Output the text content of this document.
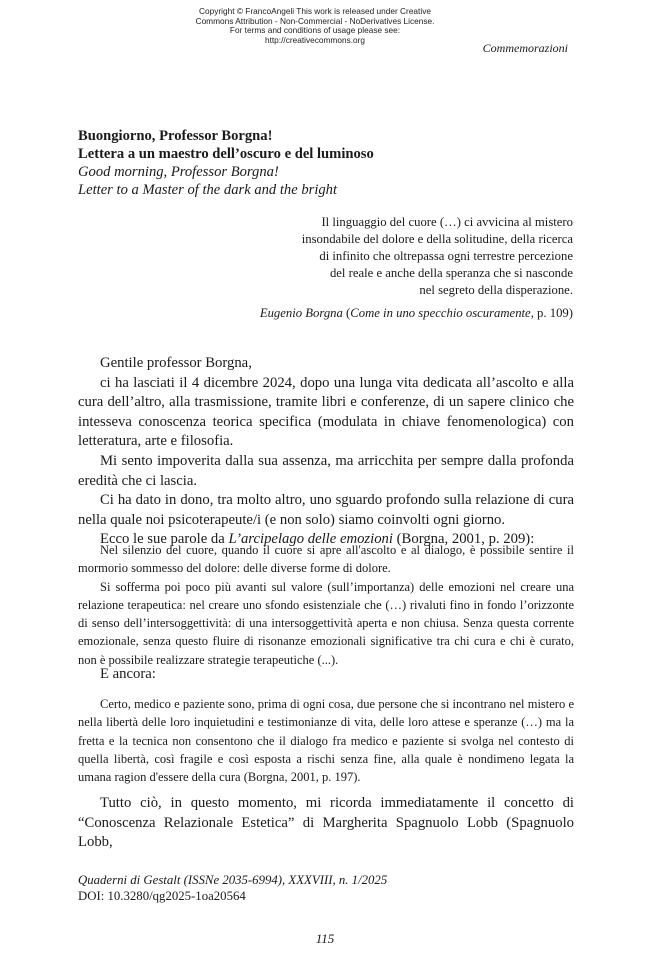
Copyright © FrancoAngeli This work is released under Creative
Commons Attribution - Non-Commercial - NoDerivatives License.
For terms and conditions of usage please see:
http://creativecommons.org
Commemorazioni
Buongiorno, Professor Borgna!
Lettera a un maestro dell’oscuro e del luminoso
Good morning, Professor Borgna!
Letter to a Master of the dark and the bright
Il linguaggio del cuore (…) ci avvicina al mistero
insondabile del dolore e della solitudine, della ricerca
di infinito che oltrepassa ogni terrestre percezione
del reale e anche della speranza che si nasconde
nel segreto della disperazione.
Eugenio Borgna (Come in uno specchio oscuramente, p. 109)

Gentile professor Borgna,

ci ha lasciati il 4 dicembre 2024, dopo una lunga vita dedicata all’ascolto e alla cura dell’altro, alla trasmissione, tramite libri e conferenze, di un sapere clinico che intesseva conoscenza teorica specifica (modulata in chiave fenomenologica) con letteratura, arte e filosofia.

Mi sento impoverita dalla sua assenza, ma arricchita per sempre dalla profonda eredità che ci lascia.

Ci ha dato in dono, tra molto altro, uno sguardo profondo sulla relazione di cura nella quale noi psicoterapeute/i (e non solo) siamo coinvolti ogni giorno.

Ecco le sue parole da L’arcipelago delle emozioni (Borgna, 2001, p. 209):

Nel silenzio del cuore, quando il cuore si apre all'ascolto e al dialogo, è possibile sentire il mormorio sommesso del dolore: delle diverse forme di dolore.

Si sofferma poi poco più avanti sul valore (sull’importanza) delle emozioni nel creare una relazione terapeutica: nel creare uno sfondo esistenziale che (…) rivaluti fino in fondo l’orizzonte di senso dell’intersoggettività: di una intersoggettività aperta e non chiusa. Senza questa corrente emozionale, senza questo fluire di risonanze emozionali significative tra chi cura e chi è curato, non è possibile realizzare strategie terapeutiche (...).

E ancora:

Certo, medico e paziente sono, prima di ogni cosa, due persone che si incontrano nel mistero e nella libertà delle loro inquietudini e testimonianze di vita, delle loro attese e speranze (…) ma la fretta e la tecnica non consentono che il dialogo fra medico e paziente si svolga nel contesto di quella libertà, così fragile e così esposta a rischi senza fine, alla quale è nondimeno legata la umana ragion d'essere della cura (Borgna, 2001, p. 197).

Tutto ciò, in questo momento, mi ricorda immediatamente il concetto di “Conoscenza Relazionale Estetica” di Margherita Spagnuolo Lobb (Spagnuolo Lobb,

Quaderni di Gestalt (ISSNe 2035-6994), XXXVIII, n. 1/2025
DOI: 10.3280/qg2025-1oa20564
115
